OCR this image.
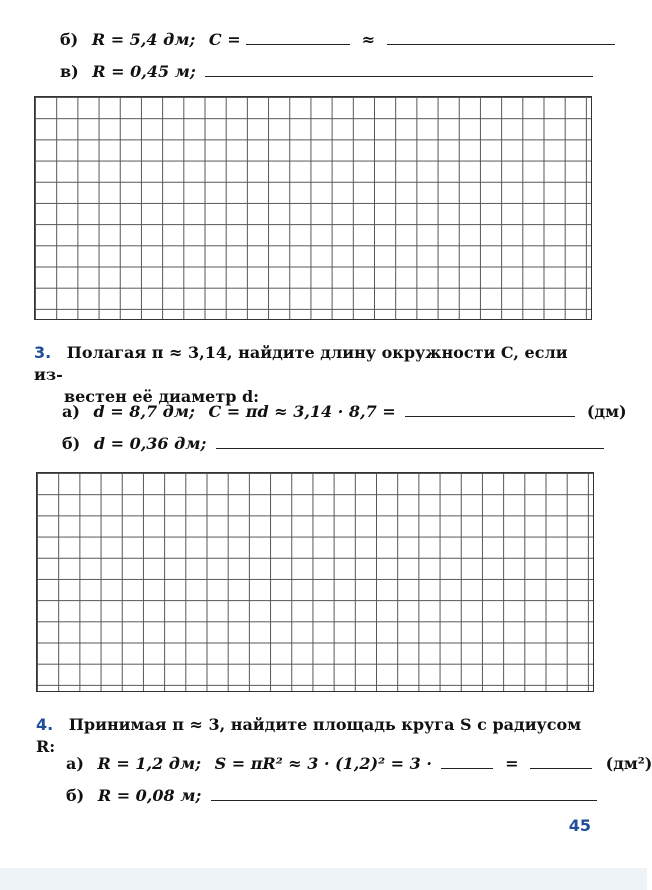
б) R = 5,4 дм; C =	≈
в) R = 0,45 м;
3. Полагая π ≈ 3,14, найдите длину окружности C, если из-
вестен её диаметр d:
а) d = 8,7 дм; C = πd ≈ 3,14 · 8,7 =	(дм)
б) d = 0,36 дм;
4. Принимая π ≈ 3, найдите площадь круга S с радиусом R:
а) R = 1,2 дм; S = πR² ≈ 3 · (1,2)² = 3 ·	=	(дм²)
б) R = 0,08 м;
45
